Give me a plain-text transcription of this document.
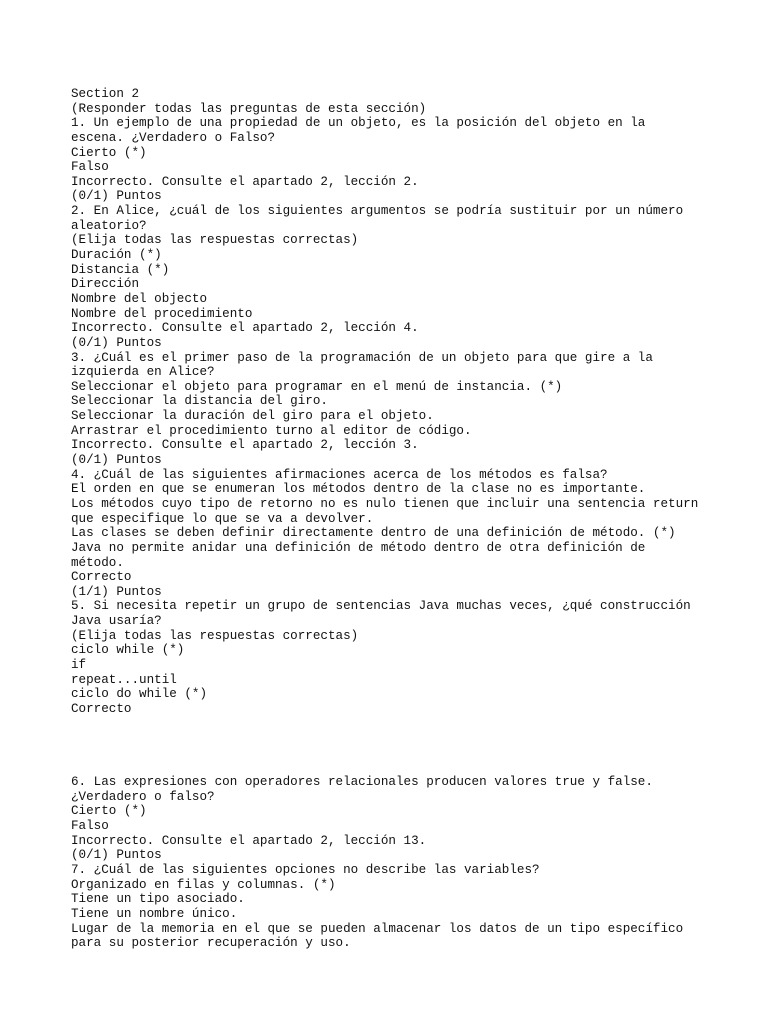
Section 2
(Responder todas las preguntas de esta sección)
1. Un ejemplo de una propiedad de un objeto, es la posición del objeto en la
escena. ¿Verdadero o Falso?
Cierto (*)
Falso
Incorrecto. Consulte el apartado 2, lección 2.
(0/1) Puntos
2. En Alice, ¿cuál de los siguientes argumentos se podría sustituir por un número
aleatorio?
(Elija todas las respuestas correctas)
Duración (*)
Distancia (*)
Dirección
Nombre del objecto
Nombre del procedimiento
Incorrecto. Consulte el apartado 2, lección 4.
(0/1) Puntos
3. ¿Cuál es el primer paso de la programación de un objeto para que gire a la
izquierda en Alice?
Seleccionar el objeto para programar en el menú de instancia. (*)
Seleccionar la distancia del giro.
Seleccionar la duración del giro para el objeto.
Arrastrar el procedimiento turno al editor de código.
Incorrecto. Consulte el apartado 2, lección 3.
(0/1) Puntos
4. ¿Cuál de las siguientes afirmaciones acerca de los métodos es falsa?
El orden en que se enumeran los métodos dentro de la clase no es importante.
Los métodos cuyo tipo de retorno no es nulo tienen que incluir una sentencia return
que especifique lo que se va a devolver.
Las clases se deben definir directamente dentro de una definición de método. (*)
Java no permite anidar una definición de método dentro de otra definición de
método.
Correcto
(1/1) Puntos
5. Si necesita repetir un grupo de sentencias Java muchas veces, ¿qué construcción
Java usaría?
(Elija todas las respuestas correctas)
ciclo while (*)
if
repeat...until
ciclo do while (*)
Correcto
6. Las expresiones con operadores relacionales producen valores true y false.
¿Verdadero o falso?
Cierto (*)
Falso
Incorrecto. Consulte el apartado 2, lección 13.
(0/1) Puntos
7. ¿Cuál de las siguientes opciones no describe las variables?
Organizado en filas y columnas. (*)
Tiene un tipo asociado.
Tiene un nombre único.
Lugar de la memoria en el que se pueden almacenar los datos de un tipo específico
para su posterior recuperación y uso.
